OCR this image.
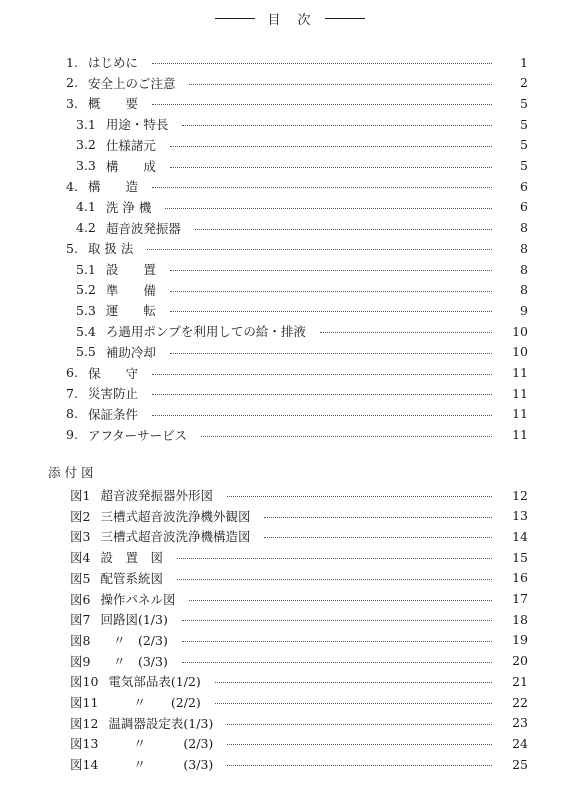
目　次
1. はじめに	1
2. 安全上のご注意	2
3. 概　　要	5
3.1 用途・特長	5
3.2 仕様諸元	5
3.3 構　　成	5
4. 構　　造	6
4.1 洗 浄 機	6
4.2 超音波発振器	8
5. 取 扱 法	8
5.1 設　　置	8
5.2 準　　備	8
5.3 運　　転	9
5.4 ろ過用ポンプを利用しての給・排液	10
5.5 補助冷却	10
6. 保　　守	11
7. 災害防止	11
8. 保証条件	11
9. アフターサービス	11
添付図
図1 超音波発振器外形図	12
図2 三槽式超音波洗浄機外観図	13
図3 三槽式超音波洗浄機構造図	14
図4 設　置　図	15
図5 配管系統図	16
図6 操作パネル図	17
図7 回路図(1/3)	18
図8 　〃　(2/3)	19
図9 　〃　(3/3)	20
図10 電気部品表(1/2)	21
図11 　　〃　　(2/2)	22
図12 温調器設定表(1/3)	23
図13 　　〃　　　(2/3)	24
図14 　　〃　　　(3/3)	25
